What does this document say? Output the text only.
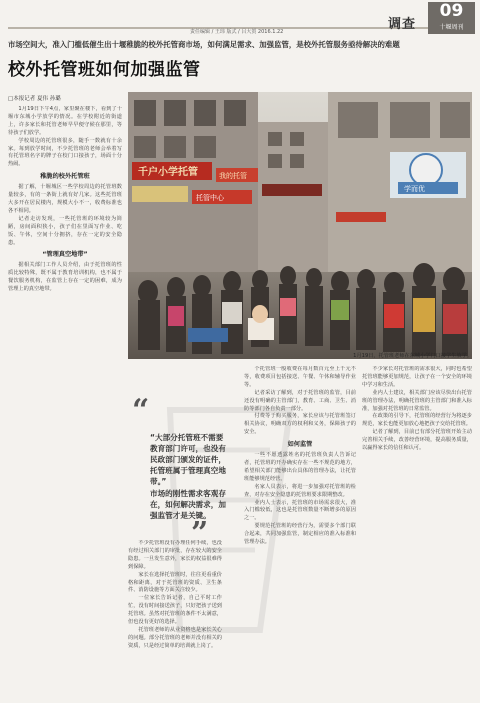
责任编辑 / 王玮 版式 / 吕大贺 2016.1.22	调查
09
十堰周刊
市场空间大，准入门槛低催生出十堰稚脆的校外托管商市场，如何满足需求、加强监管，是校外托管服务亟待解决的难题
校外托管班如何加强监管
□本报记者 夏伟 孙璐

1月19日下午4点，家里聚在楼下，看到了十堰市东城小学放学的情况。在学校附近的街道上，许多家长和托管老师早早便守候在那里，等待孩子们放学。

学校周边的托管班很多，随手一数就有十余家。每到放学时间，不少托管班的老师会举着写有托管班名字的牌子在校门口接孩子，场面十分热闹。

稚脆的校外托管班

据了解，十堰城区一些学校周边的托管班数量较多，有的一条街上就有好几家。这些托管班大多开在居民楼内，规模大小不一，收费标准也各不相同。

记者走访发现，一些托管班的环境较为简陋，房间面积狭小，孩子们在里面写作业、吃饭、午休，空间十分拥挤，存在一定的安全隐患。

“管理真空地带”

据相关部门工作人员介绍，由于托管班的性质比较特殊，既不属于教育培训机构，也不属于餐饮服务机构，在监管上存在一定的困难，成为管理上的真空地带。

千户小学托管	我的托管
托管中心
学而优
1月19日，托管班老师在东城小学门口接学生放学。
“
“大部分托管班不需要教育部门许可，也没有民政部门颁发的证件，托管班属于管理真空地带。”
市场的刚性需求客观存在，如何解决需求，加强监管才是关键。
”

不少托管班没有办理任何手续，也没有经过相关部门的审批，存在较大的安全隐患。一旦发生意外，家长的权益很难得到保障。

家长在选择托管班时，往往更看重价格和距离，对于托管班的资质、卫生条件、消防设施等方面关注较少。

一位家长告诉记者，自己平时工作忙，没有时间接送孩子，只好把孩子送到托管班。虽然对托管班的条件不太满意，但也没有更好的选择。

托管班老师的从业资格也是家长关心的问题。部分托管班的老师并没有相关的资质，只是经过简单的培训就上岗了。

个托管班一般收费在每月数百元至上千元不等，收费项目包括接送、午餐、午休和辅导作业等。

记者采访了解到，对于托管班的监管，目前还没有明确的主管部门，教育、工商、卫生、消防等部门各自负责一部分。

付费等于购买服务，家长应该与托管班签订相关协议，明确双方的权利和义务，保障孩子的安全。

如何监管

一些不愿透露姓名的托管班负责人告诉记者，托管班的开办确实存在一些不规范的地方，希望相关部门能够出台具体的管理办法，让托管班能够规范经营。

名家人员表示，将进一步加强对托管班的检查，对存在安全隐患的托管班要求限期整改。

业内人士表示，托管班的市场需求很大，准入门槛较低，这也是托管班数量不断增多的原因之一。

要规范托管班的经营行为，需要多个部门联合起来，共同加强监管，制定相应的准入标准和管理办法。

不少家长对托管班的需求很大，同时也希望托管班能够更加规范，让孩子在一个安全的环境中学习和生活。

业内人士建议，相关部门应该尽快出台托管班的管理办法，明确托管班的主管部门和准入标准，加强对托管班的日常监管。

在政策的引导下，托管班的经营行为将逐步规范，家长也能更加放心地把孩子交给托管班。

记者了解到，目前已有部分托管班开始主动完善相关手续，改善经营环境，提高服务质量，以赢得家长的信任和认可。
